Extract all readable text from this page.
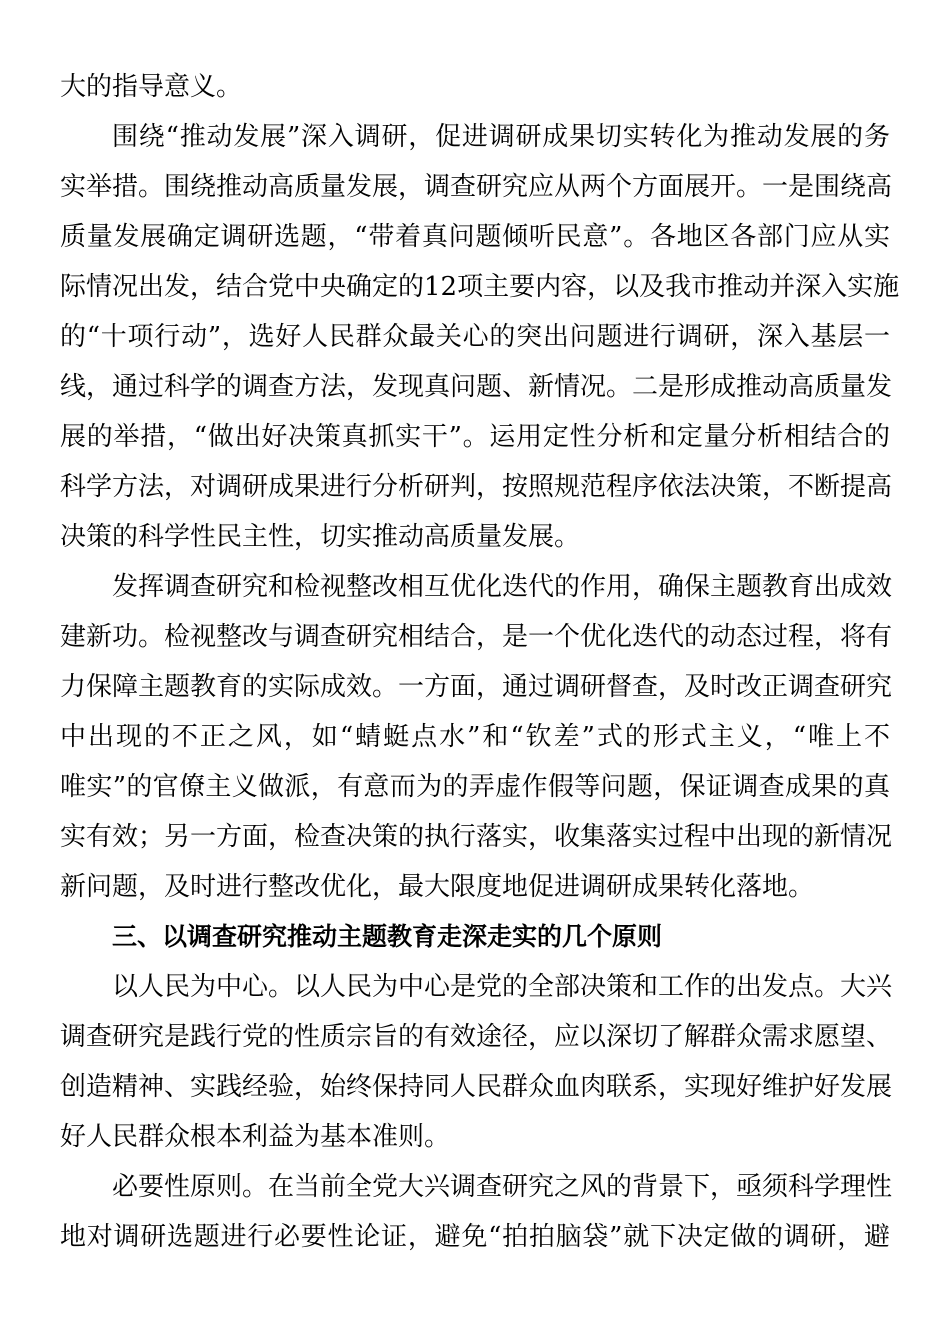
大的指导意义。
围绕“推动发展”深入调研，促进调研成果切实转化为推动发展的务
实举措。围绕推动高质量发展，调查研究应从两个方面展开。一是围绕高
质量发展确定调研选题，“带着真问题倾听民意”。各地区各部门应从实
际情况出发，结合党中央确定的12项主要内容，以及我市推动并深入实施
的“十项行动”，选好人民群众最关心的突出问题进行调研，深入基层一
线，通过科学的调查方法，发现真问题、新情况。二是形成推动高质量发
展的举措，“做出好决策真抓实干”。运用定性分析和定量分析相结合的
科学方法，对调研成果进行分析研判，按照规范程序依法决策，不断提高
决策的科学性民主性，切实推动高质量发展。
发挥调查研究和检视整改相互优化迭代的作用，确保主题教育出成效
建新功。检视整改与调查研究相结合，是一个优化迭代的动态过程，将有
力保障主题教育的实际成效。一方面，通过调研督查，及时改正调查研究
中出现的不正之风，如“蜻蜓点水”和“钦差”式的形式主义，“唯上不
唯实”的官僚主义做派，有意而为的弄虚作假等问题，保证调查成果的真
实有效；另一方面，检查决策的执行落实，收集落实过程中出现的新情况
新问题，及时进行整改优化，最大限度地促进调研成果转化落地。
三、以调查研究推动主题教育走深走实的几个原则
以人民为中心。以人民为中心是党的全部决策和工作的出发点。大兴
调查研究是践行党的性质宗旨的有效途径，应以深切了解群众需求愿望、
创造精神、实践经验，始终保持同人民群众血肉联系，实现好维护好发展
好人民群众根本利益为基本准则。
必要性原则。在当前全党大兴调查研究之风的背景下，亟须科学理性
地对调研选题进行必要性论证，避免“拍拍脑袋”就下决定做的调研，避
